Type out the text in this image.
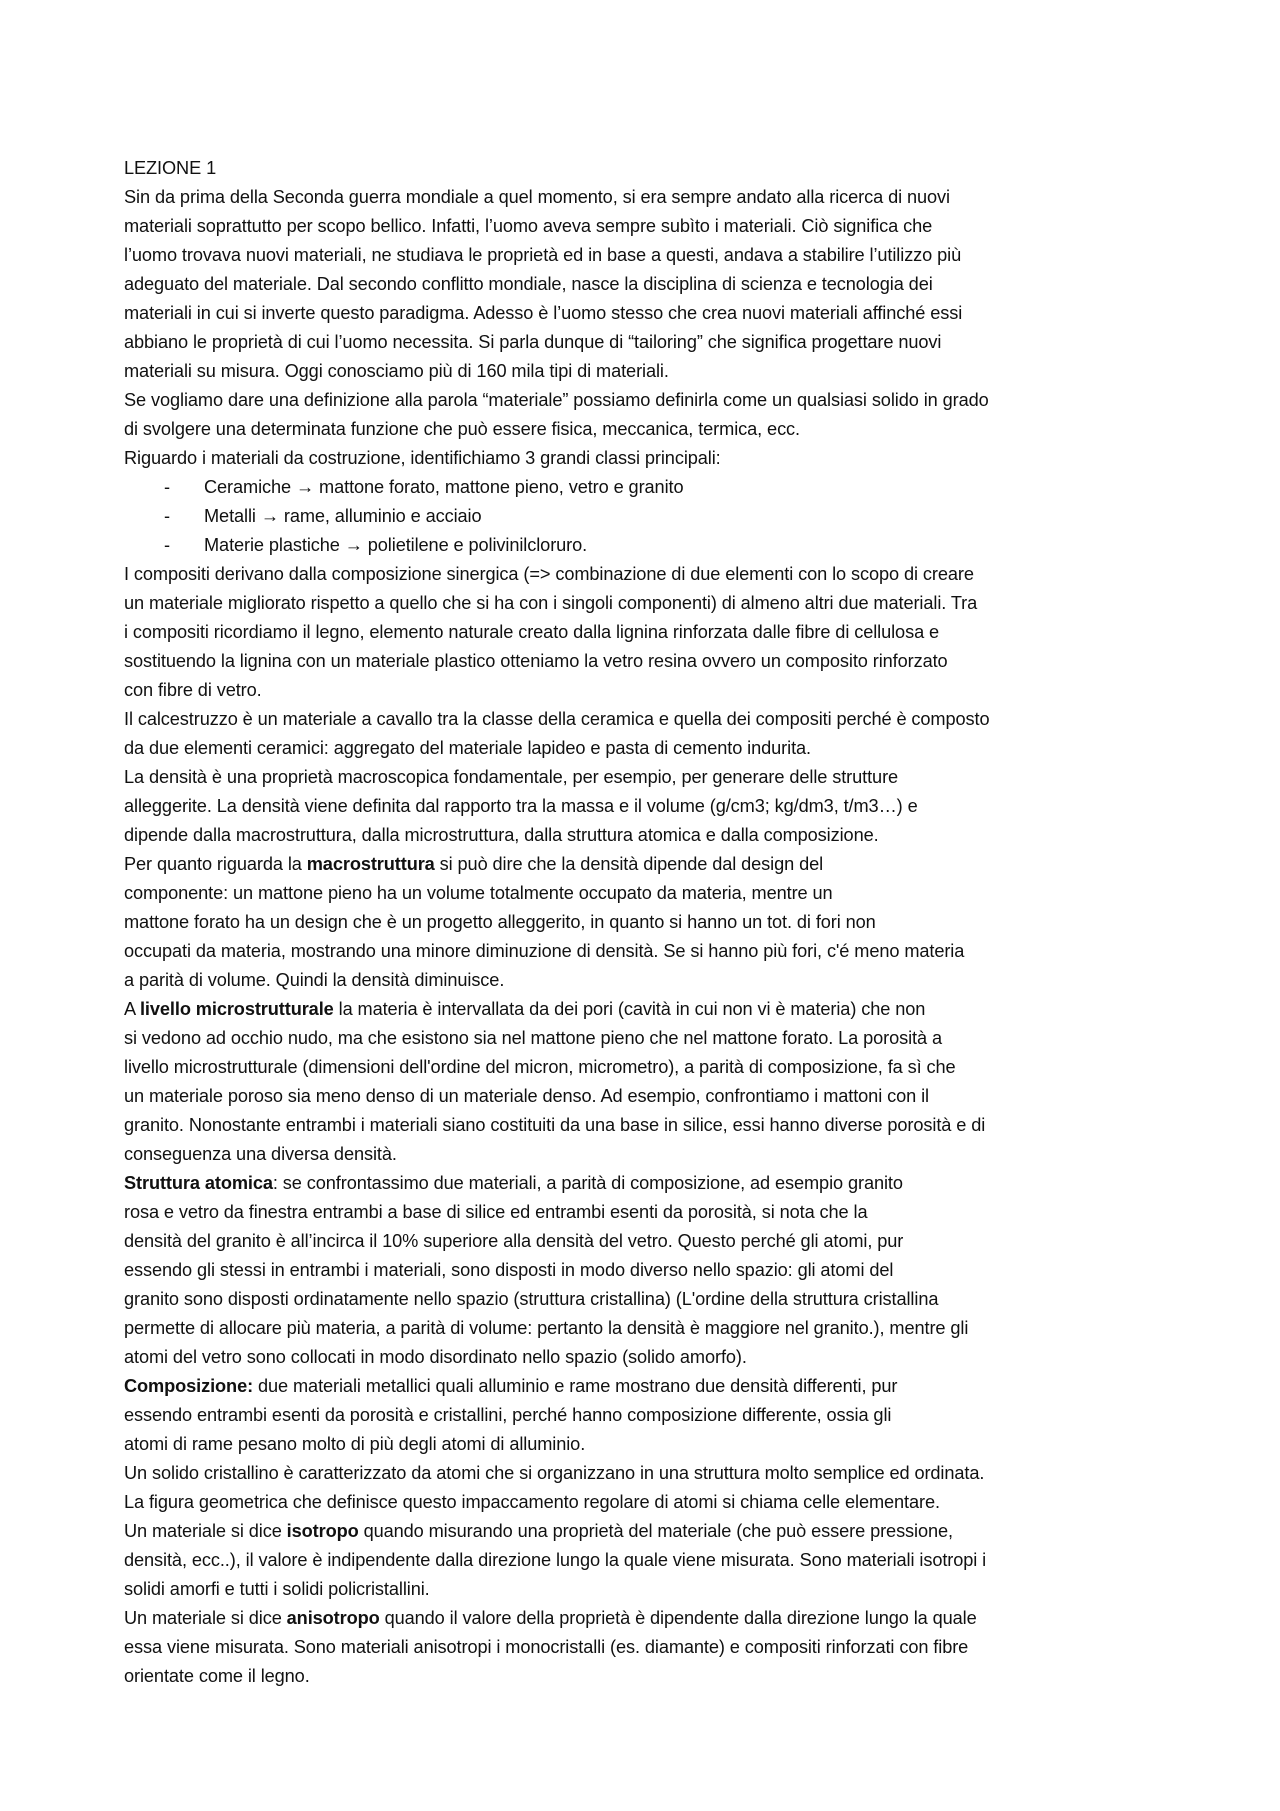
LEZIONE 1
Sin da prima della Seconda guerra mondiale a quel momento, si era sempre andato alla ricerca di nuovi
materiali soprattutto per scopo bellico. Infatti, l’uomo aveva sempre subìto i materiali. Ciò significa che
l’uomo trovava nuovi materiali, ne studiava le proprietà ed in base a questi, andava a stabilire l’utilizzo più
adeguato del materiale. Dal secondo conflitto mondiale, nasce la disciplina di scienza e tecnologia dei
materiali in cui si inverte questo paradigma. Adesso è l’uomo stesso che crea nuovi materiali affinché essi
abbiano le proprietà di cui l’uomo necessita. Si parla dunque di “tailoring” che significa progettare nuovi
materiali su misura. Oggi conosciamo più di 160 mila tipi di materiali.
Se vogliamo dare una definizione alla parola “materiale” possiamo definirla come un qualsiasi solido in grado
di svolgere una determinata funzione che può essere fisica, meccanica, termica, ecc.
Riguardo i materiali da costruzione, identifichiamo 3 grandi classi principali:
- Ceramiche → mattone forato, mattone pieno, vetro e granito
- Metalli → rame, alluminio e acciaio
- Materie plastiche → polietilene e polivinilcloruro.
I compositi derivano dalla composizione sinergica (=> combinazione di due elementi con lo scopo di creare
un materiale migliorato rispetto a quello che si ha con i singoli componenti) di almeno altri due materiali. Tra
i compositi ricordiamo il legno, elemento naturale creato dalla lignina rinforzata dalle fibre di cellulosa e
sostituendo la lignina con un materiale plastico otteniamo la vetro resina ovvero un composito rinforzato
con fibre di vetro.
Il calcestruzzo è un materiale a cavallo tra la classe della ceramica e quella dei compositi perché è composto
da due elementi ceramici: aggregato del materiale lapideo e pasta di cemento indurita.
La densità è una proprietà macroscopica fondamentale, per esempio, per generare delle strutture
alleggerite. La densità viene definita dal rapporto tra la massa e il volume (g/cm3; kg/dm3, t/m3…) e
dipende dalla macrostruttura, dalla microstruttura, dalla struttura atomica e dalla composizione.
Per quanto riguarda la macrostruttura si può dire che la densità dipende dal design del
componente: un mattone pieno ha un volume totalmente occupato da materia, mentre un
mattone forato ha un design che è un progetto alleggerito, in quanto si hanno un tot. di fori non
occupati da materia, mostrando una minore diminuzione di densità. Se si hanno più fori, c'é meno materia
a parità di volume. Quindi la densità diminuisce.
A livello microstrutturale la materia è intervallata da dei pori (cavità in cui non vi è materia) che non
si vedono ad occhio nudo, ma che esistono sia nel mattone pieno che nel mattone forato. La porosità a
livello microstrutturale (dimensioni dell'ordine del micron, micrometro), a parità di composizione, fa sì che
un materiale poroso sia meno denso di un materiale denso. Ad esempio, confrontiamo i mattoni con il
granito. Nonostante entrambi i materiali siano costituiti da una base in silice, essi hanno diverse porosità e di
conseguenza una diversa densità.
Struttura atomica: se confrontassimo due materiali, a parità di composizione, ad esempio granito
rosa e vetro da finestra entrambi a base di silice ed entrambi esenti da porosità, si nota che la
densità del granito è all’incirca il 10% superiore alla densità del vetro. Questo perché gli atomi, pur
essendo gli stessi in entrambi i materiali, sono disposti in modo diverso nello spazio: gli atomi del
granito sono disposti ordinatamente nello spazio (struttura cristallina) (L'ordine della struttura cristallina
permette di allocare più materia, a parità di volume: pertanto la densità è maggiore nel granito.), mentre gli
atomi del vetro sono collocati in modo disordinato nello spazio (solido amorfo).
Composizione: due materiali metallici quali alluminio e rame mostrano due densità differenti, pur
essendo entrambi esenti da porosità e cristallini, perché hanno composizione differente, ossia gli
atomi di rame pesano molto di più degli atomi di alluminio.
Un solido cristallino è caratterizzato da atomi che si organizzano in una struttura molto semplice ed ordinata.
La figura geometrica che definisce questo impaccamento regolare di atomi si chiama celle elementare.
Un materiale si dice isotropo quando misurando una proprietà del materiale (che può essere pressione,
densità, ecc..), il valore è indipendente dalla direzione lungo la quale viene misurata. Sono materiali isotropi i
solidi amorfi e tutti i solidi policristallini.
Un materiale si dice anisotropo quando il valore della proprietà è dipendente dalla direzione lungo la quale
essa viene misurata. Sono materiali anisotropi i monocristalli (es. diamante) e compositi rinforzati con fibre
orientate come il legno.
